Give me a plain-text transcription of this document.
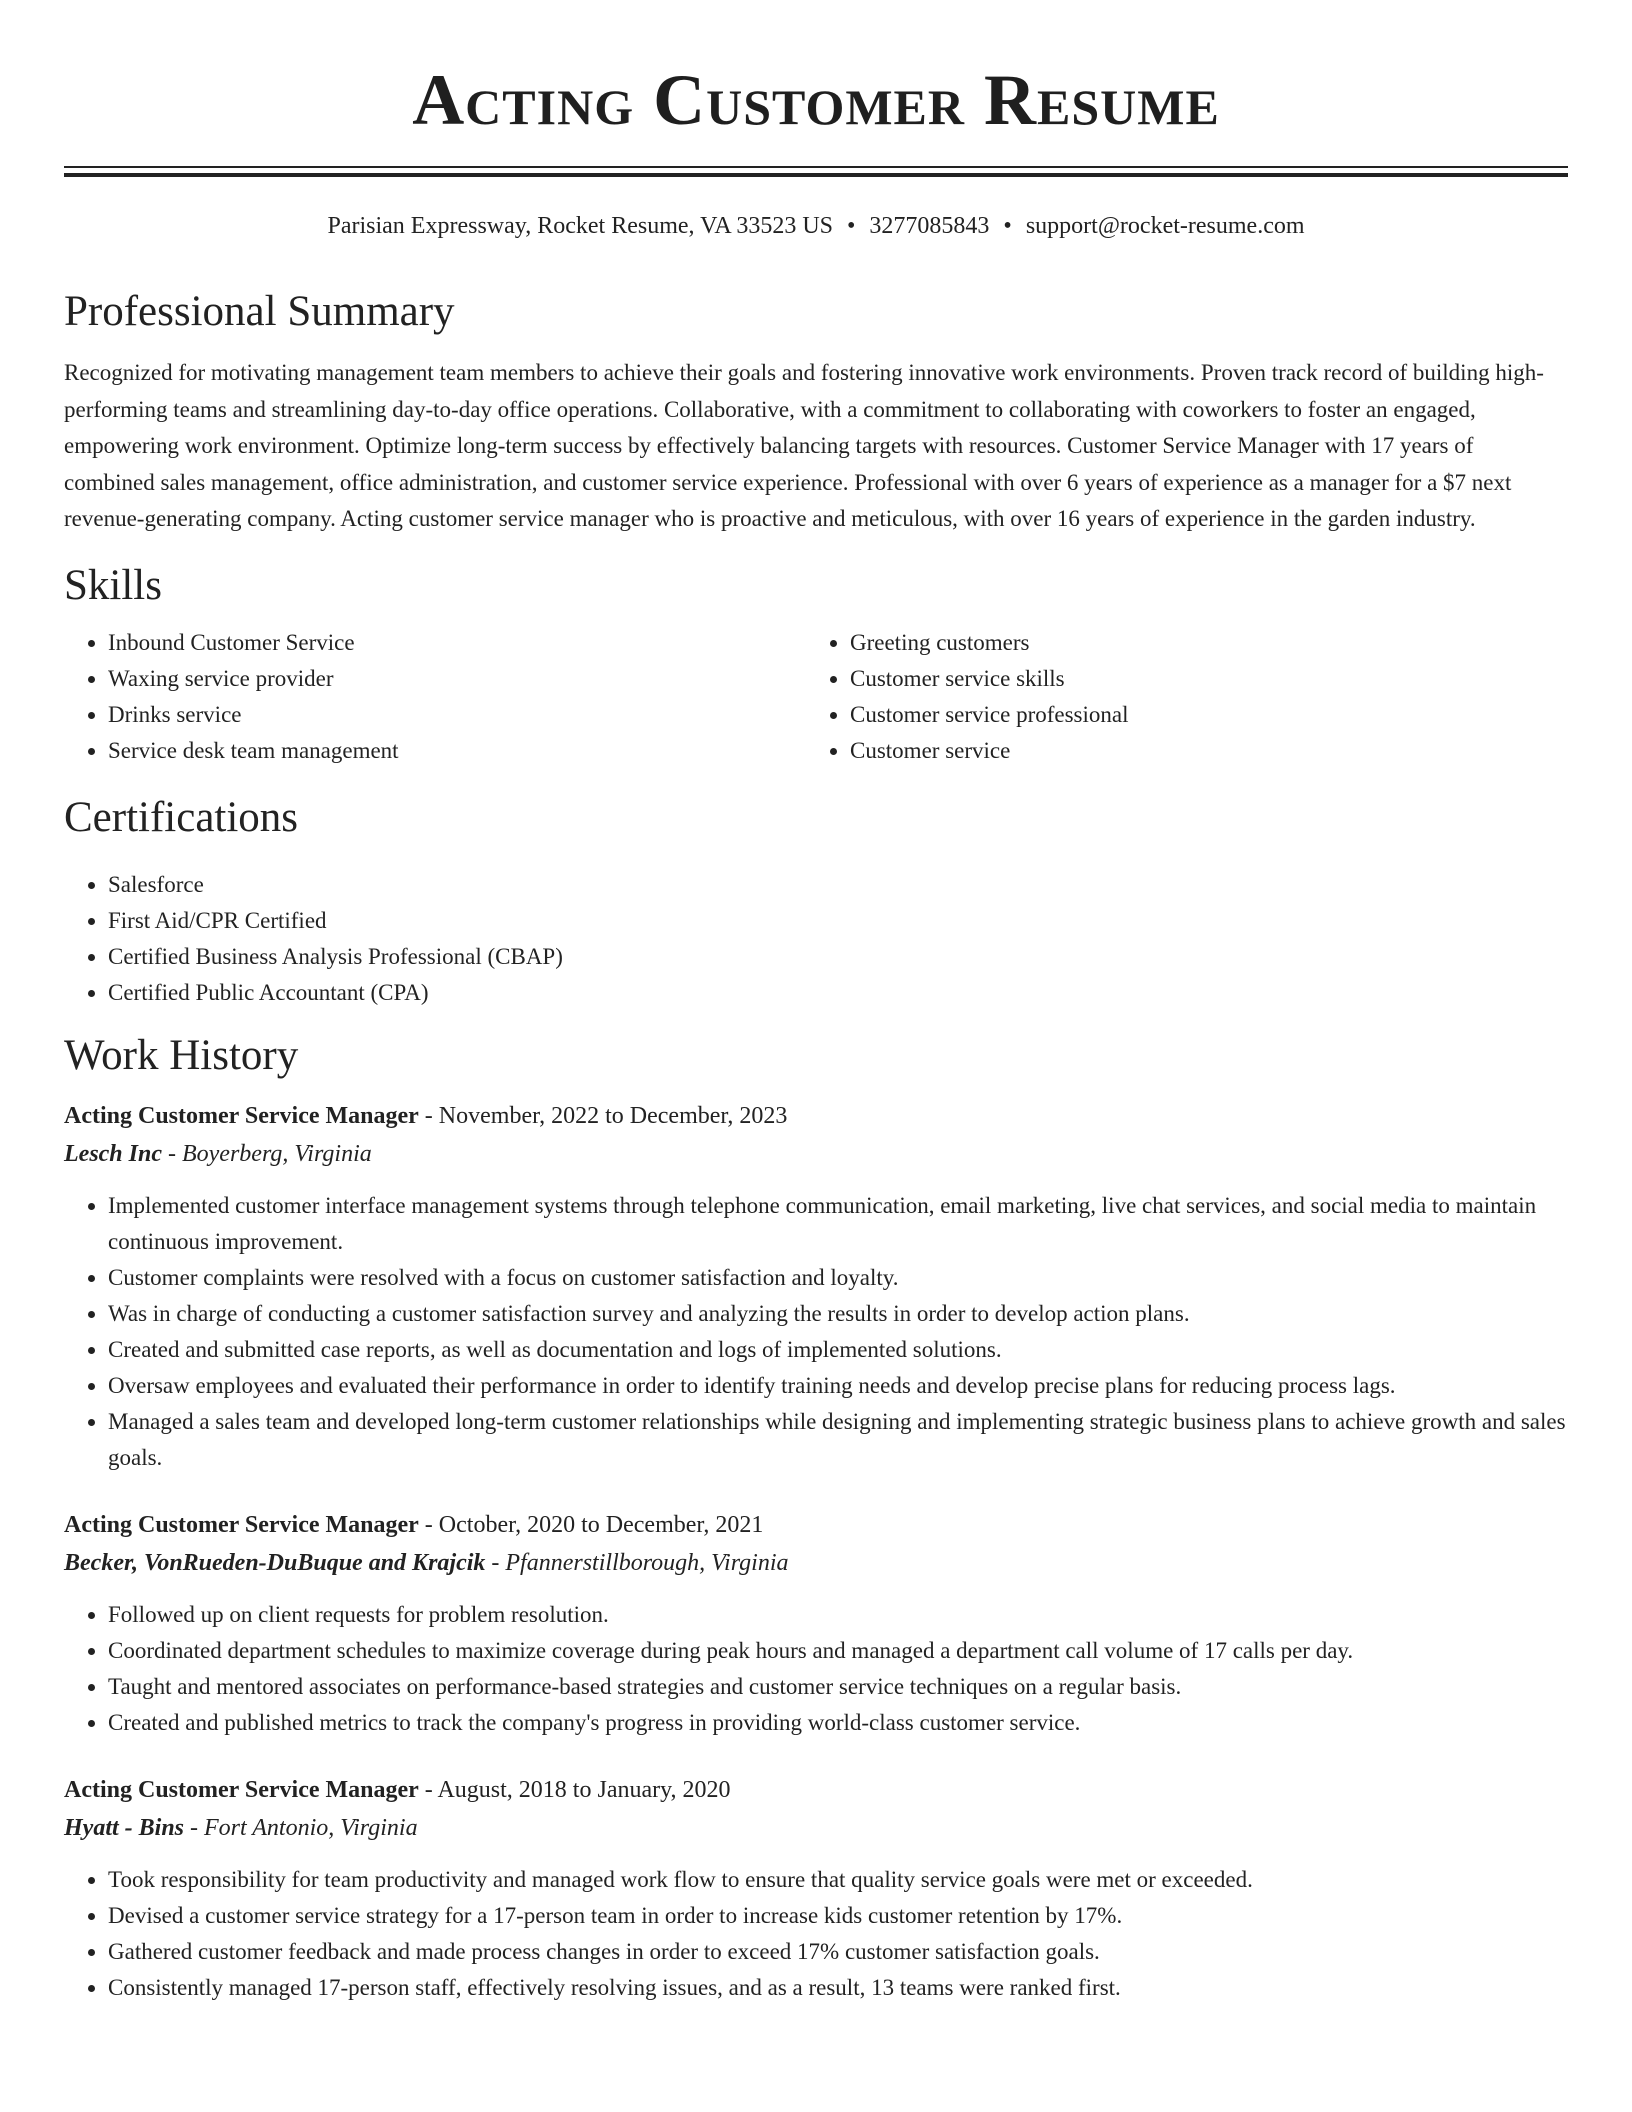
Acting Customer Resume
Parisian Expressway, Rocket Resume, VA 33523 US • 3277085843 • support@rocket-resume.com
Professional Summary

Recognized for motivating management team members to achieve their goals and fostering innovative work environments. Proven track record of building high-performing teams and streamlining day-to-day office operations. Collaborative, with a commitment to collaborating with coworkers to foster an engaged, empowering work environment. Optimize long-term success by effectively balancing targets with resources. Customer Service Manager with 17 years of combined sales management, office administration, and customer service experience. Professional with over 6 years of experience as a manager for a $7 next revenue-generating company. Acting customer service manager who is proactive and meticulous, with over 16 years of experience in the garden industry.

Skills
• Inbound Customer Service
• Waxing service provider
• Drinks service
• Service desk team management
• Greeting customers
• Customer service skills
• Customer service professional
• Customer service
Certifications
• Salesforce
• First Aid/CPR Certified
• Certified Business Analysis Professional (CBAP)
• Certified Public Accountant (CPA)
Work History
Acting Customer Service Manager - November, 2022 to December, 2023
Lesch Inc - Boyerberg, Virginia
• Implemented customer interface management systems through telephone communication, email marketing, live chat services, and social media to maintain continuous improvement.
• Customer complaints were resolved with a focus on customer satisfaction and loyalty.
• Was in charge of conducting a customer satisfaction survey and analyzing the results in order to develop action plans.
• Created and submitted case reports, as well as documentation and logs of implemented solutions.
• Oversaw employees and evaluated their performance in order to identify training needs and develop precise plans for reducing process lags.
• Managed a sales team and developed long-term customer relationships while designing and implementing strategic business plans to achieve growth and sales goals.
Acting Customer Service Manager - October, 2020 to December, 2021
Becker, VonRueden-DuBuque and Krajcik - Pfannerstillborough, Virginia
• Followed up on client requests for problem resolution.
• Coordinated department schedules to maximize coverage during peak hours and managed a department call volume of 17 calls per day.
• Taught and mentored associates on performance-based strategies and customer service techniques on a regular basis.
• Created and published metrics to track the company's progress in providing world-class customer service.
Acting Customer Service Manager - August, 2018 to January, 2020
Hyatt - Bins - Fort Antonio, Virginia
• Took responsibility for team productivity and managed work flow to ensure that quality service goals were met or exceeded.
• Devised a customer service strategy for a 17-person team in order to increase kids customer retention by 17%.
• Gathered customer feedback and made process changes in order to exceed 17% customer satisfaction goals.
• Consistently managed 17-person staff, effectively resolving issues, and as a result, 13 teams were ranked first.
